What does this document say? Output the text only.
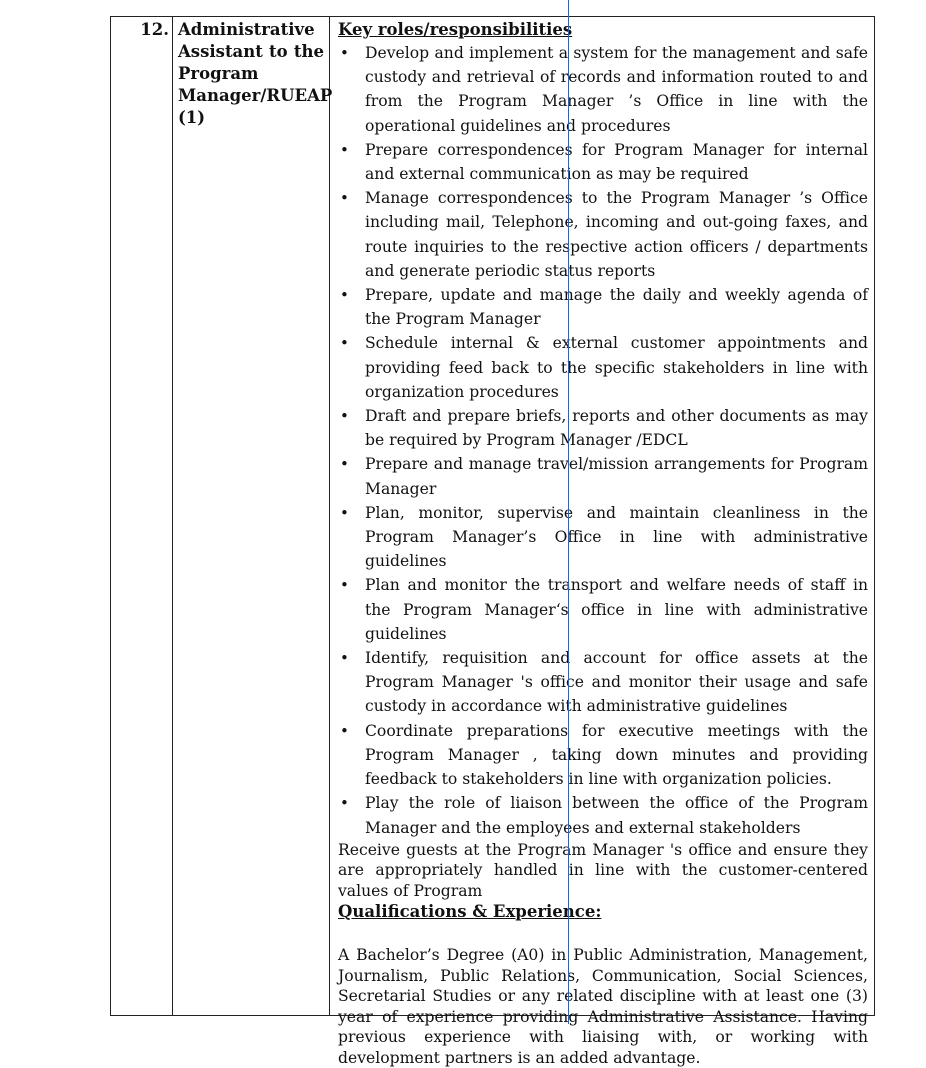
12. Administrative Assistant to the Program Manager/RUEAP (1)
Key roles/responsibilities
• Develop and implement a system for the management and safe custody and retrieval of records and information routed to and from the Program Manager ’s Office in line with the operational guidelines and procedures
• Prepare correspondences for Program Manager for internal and external communication as may be required
• Manage correspondences to the Program Manager ’s Office including mail, Telephone, incoming and out-going faxes, and route inquiries to the respective action officers / departments and generate periodic status reports
• Prepare, update and manage the daily and weekly agenda of the Program Manager
• Schedule internal & external customer appointments and providing feed back to the specific stakeholders in line with organization procedures
• Draft and prepare briefs, reports and other documents as may be required by Program Manager /EDCL
• Prepare and manage travel/mission arrangements for Program Manager
• Plan, monitor, supervise and maintain cleanliness in the Program Manager’s Office in line with administrative guidelines
• Plan and monitor the transport and welfare needs of staff in the Program Manager‘s office in line with administrative guidelines
• Identify, requisition and account for office assets at the Program Manager 's office and monitor their usage and safe custody in accordance with administrative guidelines
• Coordinate preparations for executive meetings with the Program Manager , taking down minutes and providing feedback to stakeholders in line with organization policies.
• Play the role of liaison between the office of the Program Manager and the employees and external stakeholders

Receive guests at the Program Manager 's office and ensure they are appropriately handled in line with the customer-centered values of Program

Qualifications & Experience:

A Bachelor’s Degree (A0) in Public Administration, Management, Journalism, Public Relations, Communication, Social Sciences, Secretarial Studies or any related discipline with at least one (3) year of experience providing Administrative Assistance. Having previous experience with liaising with, or working with development partners is an added advantage.
